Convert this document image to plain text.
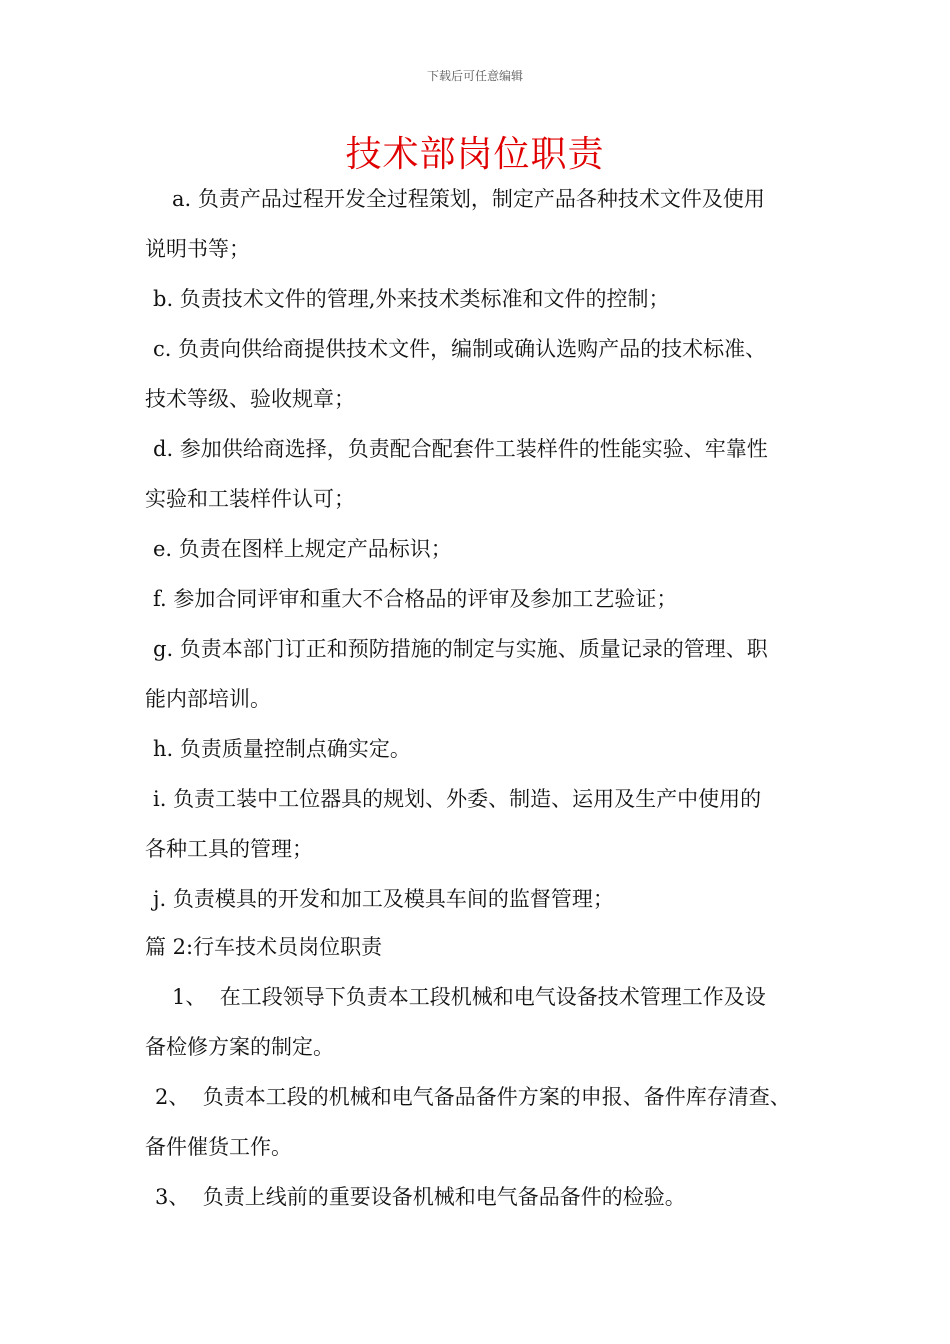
下载后可任意编辑
技术部岗位职责
a. 负责产品过程开发全过程策划，制定产品各种技术文件及使用
说明书等；
b. 负责技术文件的管理,外来技术类标准和文件的控制；
c. 负责向供给商提供技术文件，编制或确认选购产品的技术标准、
技术等级、验收规章；
d. 参加供给商选择，负责配合配套件工装样件的性能实验、牢靠性
实验和工装样件认可；
e. 负责在图样上规定产品标识；
f. 参加合同评审和重大不合格品的评审及参加工艺验证；
g. 负责本部门订正和预防措施的制定与实施、质量记录的管理、职
能内部培训。
h. 负责质量控制点确实定。
i. 负责工装中工位器具的规划、外委、制造、运用及生产中使用的
各种工具的管理；
j. 负责模具的开发和加工及模具车间的监督管理；
篇 2:行车技术员岗位职责
1、  在工段领导下负责本工段机械和电气设备技术管理工作及设
备检修方案的制定。
2、  负责本工段的机械和电气备品备件方案的申报、备件库存清查、
备件催货工作。
3、  负责上线前的重要设备机械和电气备品备件的检验。
